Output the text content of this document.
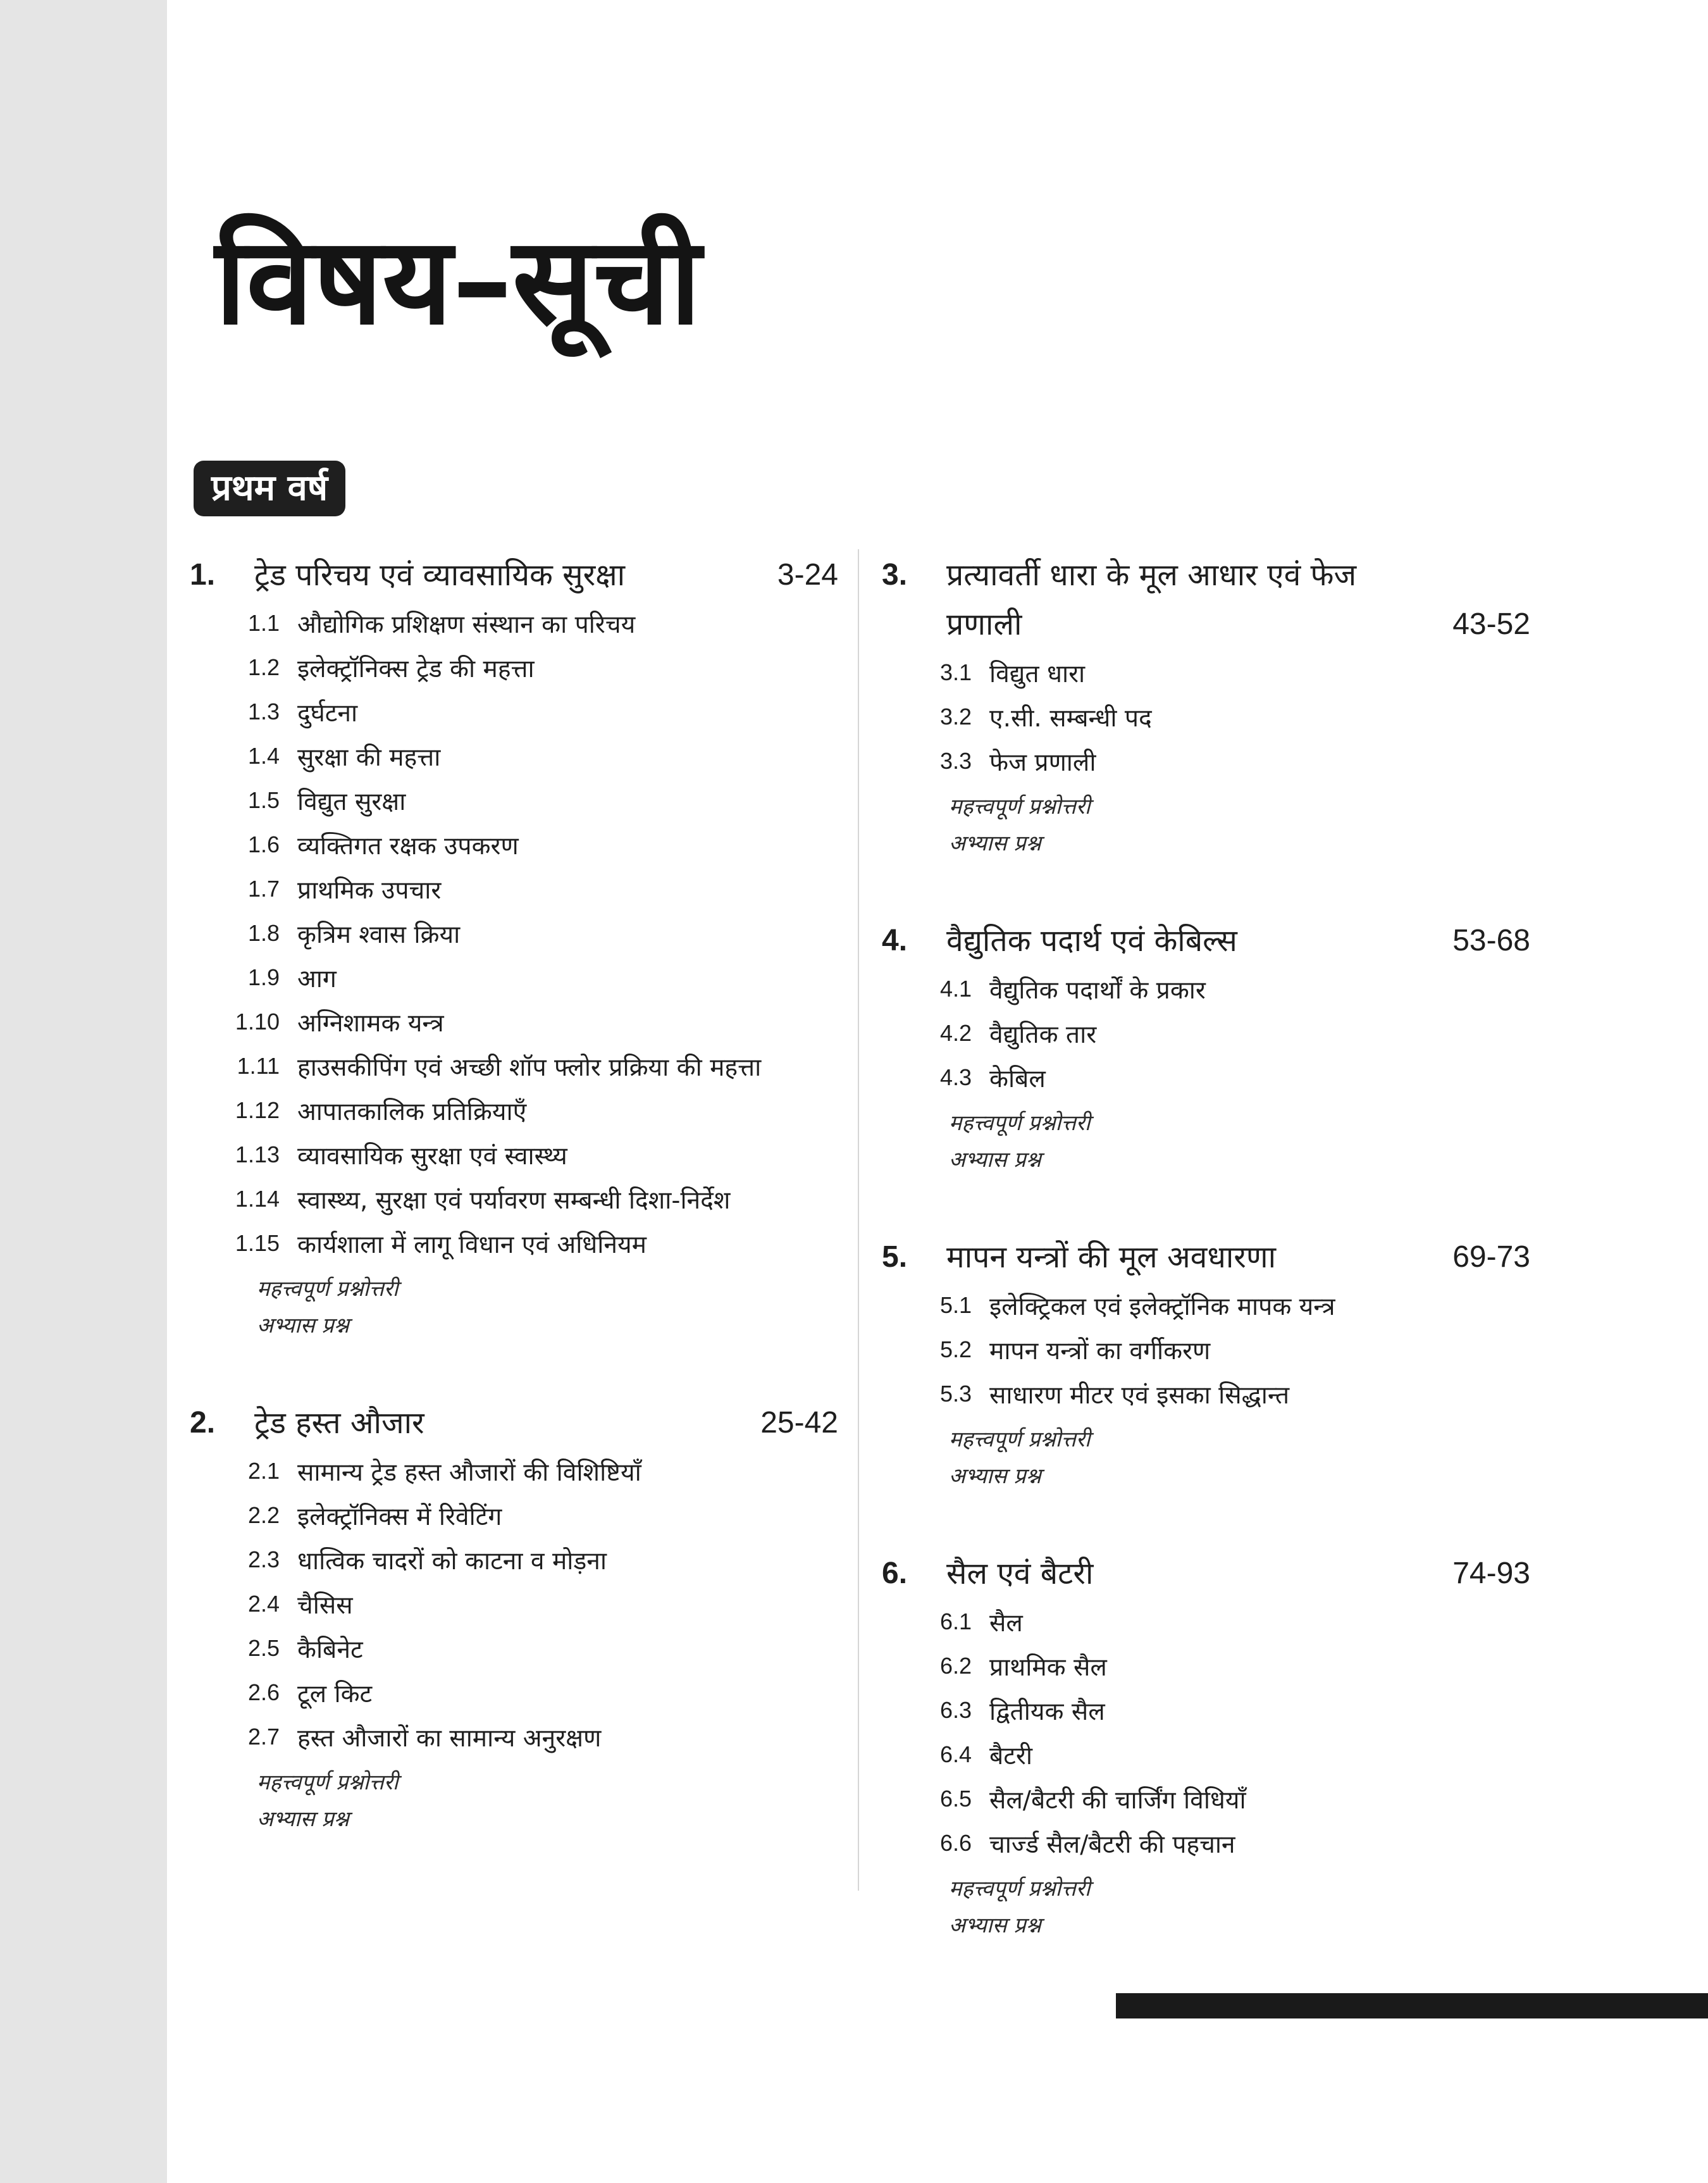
विषय–सूची
प्रथम वर्ष
1.	ट्रेड परिचय एवं व्यावसायिक सुरक्षा	3-24
1.1 औद्योगिक प्रशिक्षण संस्थान का परिचय
1.2 इलेक्ट्रॉनिक्स ट्रेड की महत्ता
1.3 दुर्घटना
1.4 सुरक्षा की महत्ता
1.5 विद्युत सुरक्षा
1.6 व्यक्तिगत रक्षक उपकरण
1.7 प्राथमिक उपचार
1.8 कृत्रिम श्वास क्रिया
1.9 आग
1.10 अग्निशामक यन्त्र
1.11 हाउसकीपिंग एवं अच्छी शॉप फ्लोर प्रक्रिया की महत्ता
1.12 आपातकालिक प्रतिक्रियाएँ
1.13 व्यावसायिक सुरक्षा एवं स्वास्थ्य
1.14 स्वास्थ्य, सुरक्षा एवं पर्यावरण सम्बन्धी दिशा-निर्देश
1.15 कार्यशाला में लागू विधान एवं अधिनियम
महत्त्वपूर्ण प्रश्नोत्तरी
अभ्यास प्रश्न
2.	ट्रेड हस्त औजार	25-42
2.1 सामान्य ट्रेड हस्त औजारों की विशिष्टियाँ
2.2 इलेक्ट्रॉनिक्स में रिवेटिंग
2.3 धात्विक चादरों को काटना व मोड़ना
2.4 चैसिस
2.5 कैबिनेट
2.6 टूल किट
2.7 हस्त औजारों का सामान्य अनुरक्षण
महत्त्वपूर्ण प्रश्नोत्तरी
अभ्यास प्रश्न
3.	प्रत्यावर्ती धारा के मूल आधार एवं फेज प्रणाली	43-52
3.1 विद्युत धारा
3.2 ए.सी. सम्बन्धी पद
3.3 फेज प्रणाली
महत्त्वपूर्ण प्रश्नोत्तरी
अभ्यास प्रश्न
4.	वैद्युतिक पदार्थ एवं केबिल्स	53-68
4.1 वैद्युतिक पदार्थों के प्रकार
4.2 वैद्युतिक तार
4.3 केबिल
महत्त्वपूर्ण प्रश्नोत्तरी
अभ्यास प्रश्न
5.	मापन यन्त्रों की मूल अवधारणा	69-73
5.1 इलेक्ट्रिकल एवं इलेक्ट्रॉनिक मापक यन्त्र
5.2 मापन यन्त्रों का वर्गीकरण
5.3 साधारण मीटर एवं इसका सिद्धान्त
महत्त्वपूर्ण प्रश्नोत्तरी
अभ्यास प्रश्न
6.	सैल एवं बैटरी	74-93
6.1 सैल
6.2 प्राथमिक सैल
6.3 द्वितीयक सैल
6.4 बैटरी
6.5 सैल/बैटरी की चार्जिंग विधियाँ
6.6 चार्ज्ड सैल/बैटरी की पहचान
महत्त्वपूर्ण प्रश्नोत्तरी
अभ्यास प्रश्न
